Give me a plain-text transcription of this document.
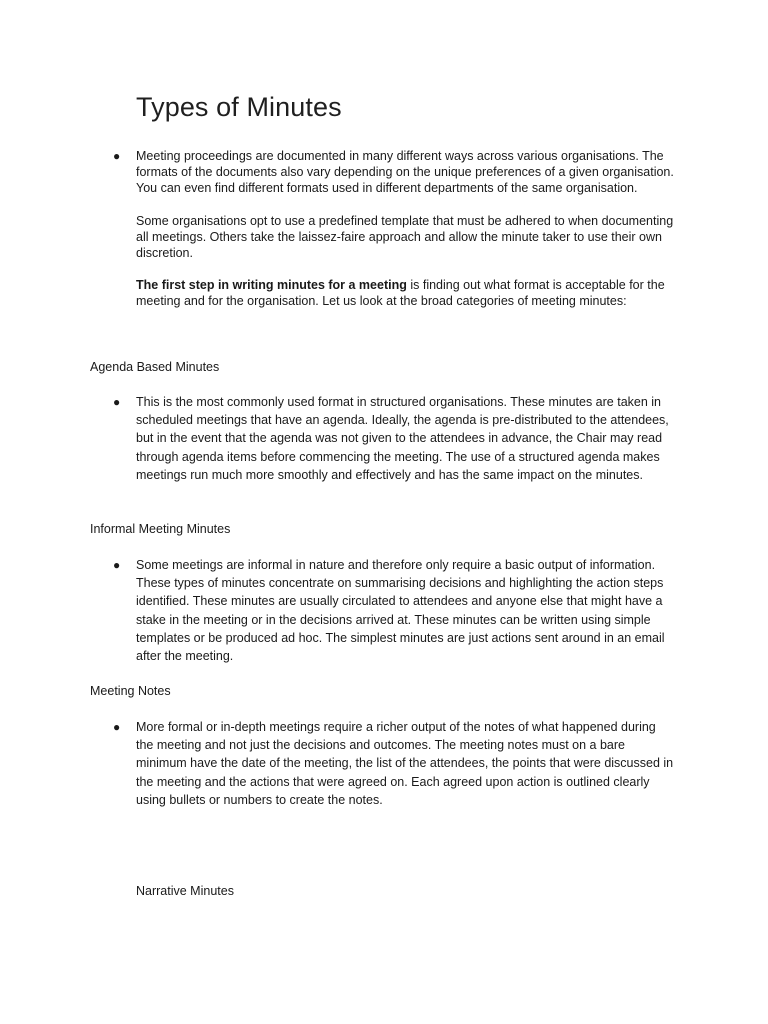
Types of Minutes
● Meeting proceedings are documented in many different ways across various organisations. The formats of the documents also vary depending on the unique preferences of a given organisation. You can even find different formats used in different departments of the same organisation.

Some organisations opt to use a predefined template that must be adhered to when documenting all meetings. Others take the laissez-faire approach and allow the minute taker to use their own discretion.

The first step in writing minutes for a meeting is finding out what format is acceptable for the meeting and for the organisation. Let us look at the broad categories of meeting minutes:

Agenda Based Minutes
● This is the most commonly used format in structured organisations. These minutes are taken in scheduled meetings that have an agenda. Ideally, the agenda is pre-distributed to the attendees, but in the event that the agenda was not given to the attendees in advance, the Chair may read through agenda items before commencing the meeting. The use of a structured agenda makes meetings run much more smoothly and effectively and has the same impact on the minutes.

Informal Meeting Minutes
● Some meetings are informal in nature and therefore only require a basic output of information. These types of minutes concentrate on summarising decisions and highlighting the action steps identified. These minutes are usually circulated to attendees and anyone else that might have a stake in the meeting or in the decisions arrived at. These minutes can be written using simple templates or be produced ad hoc. The simplest minutes are just actions sent around in an email after the meeting.

Meeting Notes
● More formal or in-depth meetings require a richer output of the notes of what happened during the meeting and not just the decisions and outcomes. The meeting notes must on a bare minimum have the date of the meeting, the list of the attendees, the points that were discussed in the meeting and the actions that were agreed on. Each agreed upon action is outlined clearly using bullets or numbers to create the notes.

Narrative Minutes
